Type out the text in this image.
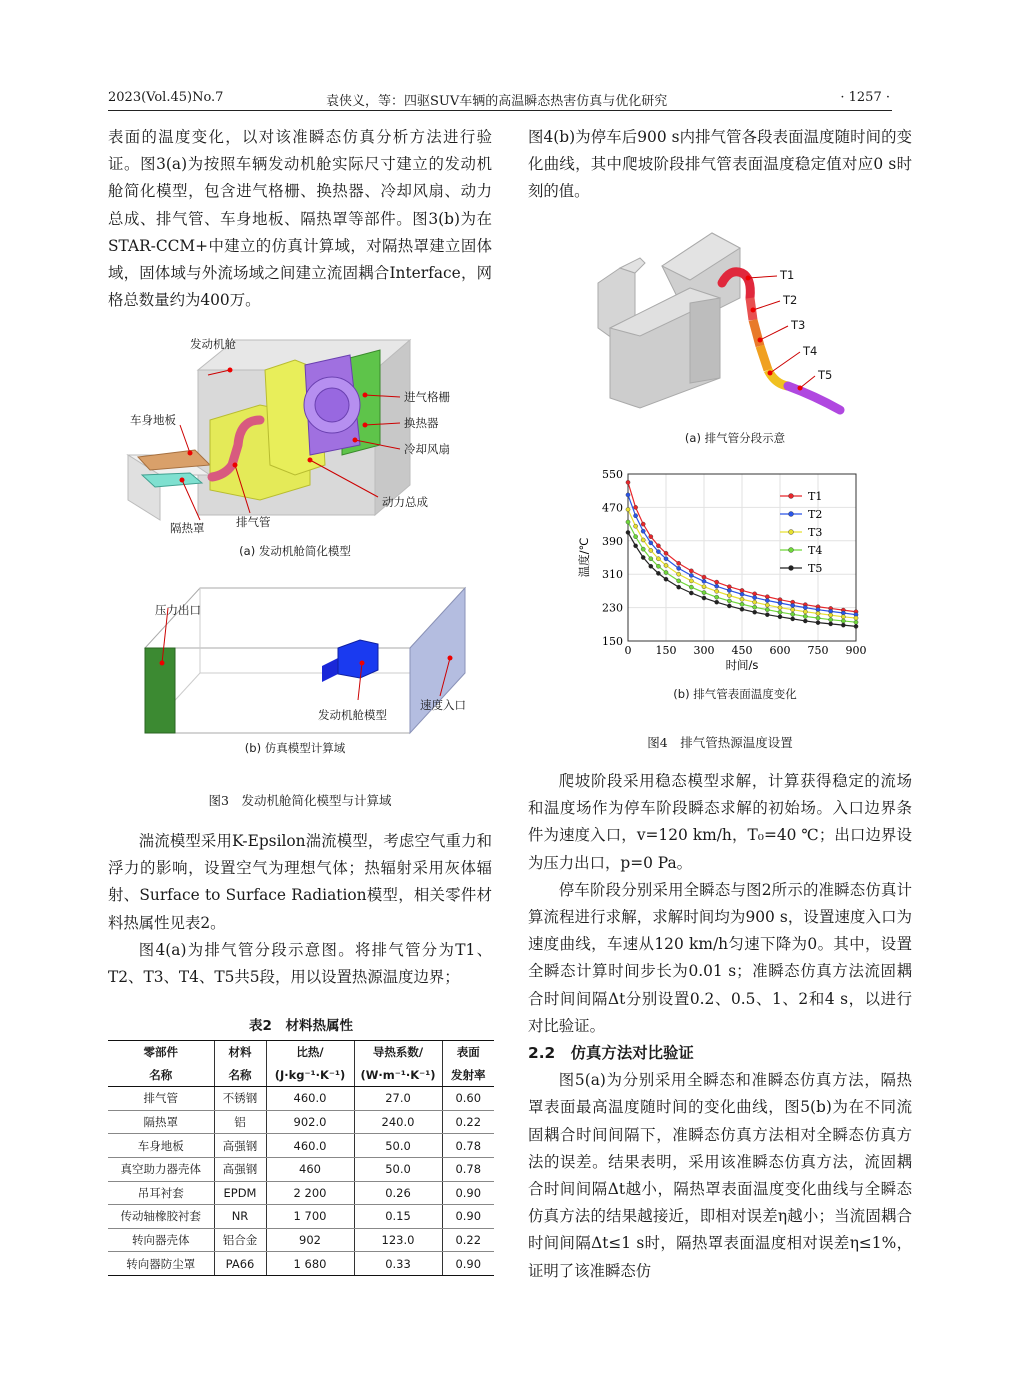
2023(Vol.45)No.7	袁侠义，等：四驱SUV车辆的高温瞬态热害仿真与优化研究	· 1257 ·

表面的温度变化，以对该准瞬态仿真分析方法进行验证。图3(a)为按照车辆发动机舱实际尺寸建立的发动机舱简化模型，包含进气格栅、换热器、冷却风扇、动力总成、排气管、车身地板、隔热罩等部件。图3(b)为在STAR-CCM+中建立的仿真计算域，对隔热罩建立固体域，固体域与外流场域之间建立流固耦合Interface，网格总数量约为400万。

发动机舱
车身地板
进气格栅
换热器
冷却风扇
动力总成
隔热罩	排气管
(a) 发动机舱简化模型
压力出口
发动机舱模型
速度入口
(b) 仿真模型计算域
图3　发动机舱简化模型与计算域

湍流模型采用K-Epsilon湍流模型，考虑空气重力和浮力的影响，设置空气为理想气体；热辐射采用灰体辐射、Surface to Surface Radiation模型，相关零件材料热属性见表2。

图4(a)为排气管分段示意图。将排气管分为T1、T2、T3、T4、T5共5段，用以设置热源温度边界；

表2　材料热属性
零部件	材料	比热/	导热系数/	表面
名称	名称	(J·kg⁻¹·K⁻¹)	(W·m⁻¹·K⁻¹)	发射率
排气管	不锈钢	460.0	27.0	0.60
隔热罩	铝	902.0	240.0	0.22
车身地板	高强钢	460.0	50.0	0.78
真空助力器壳体	高强钢	460	50.0	0.78
吊耳衬套	EPDM	2 200	0.26	0.90
传动轴橡胶衬套	NR	1 700	0.15	0.90
转向器壳体	铝合金	902	123.0	0.22
转向器防尘罩	PA66	1 680	0.33	0.90

图4(b)为停车后900 s内排气管各段表面温度随时间的变化曲线，其中爬坡阶段排气管表面温度稳定值对应0 s时刻的值。

T1
T2
T3
T4
T5
(a) 排气管分段示意
0 150 300 450 600 750 900
150
230
310
390
470
550
时间/s
温度/℃
T1
T2
T3
T4
T5
(b) 排气管表面温度变化
图4　排气管热源温度设置

爬坡阶段采用稳态模型求解，计算获得稳定的流场和温度场作为停车阶段瞬态求解的初始场。入口边界条件为速度入口，v=120 km/h，T₀=40 ℃；出口边界设为压力出口，p=0 Pa。

停车阶段分别采用全瞬态与图2所示的准瞬态仿真计算流程进行求解，求解时间均为900 s，设置速度入口为速度曲线，车速从120 km/h匀速下降为0。其中，设置全瞬态计算时间步长为0.01 s；准瞬态仿真方法流固耦合时间间隔Δt分别设置0.2、0.5、1、2和4 s，以进行对比验证。

2.2　仿真方法对比验证

图5(a)为分别采用全瞬态和准瞬态仿真方法，隔热罩表面最高温度随时间的变化曲线，图5(b)为在不同流固耦合时间间隔下，准瞬态仿真方法相对全瞬态仿真方法的误差。结果表明，采用该准瞬态仿真方法，流固耦合时间间隔Δt越小，隔热罩表面温度变化曲线与全瞬态仿真方法的结果越接近，即相对误差η越小；当流固耦合时间间隔Δt≤1 s时，隔热罩表面温度相对误差η≤1%，证明了该准瞬态仿
